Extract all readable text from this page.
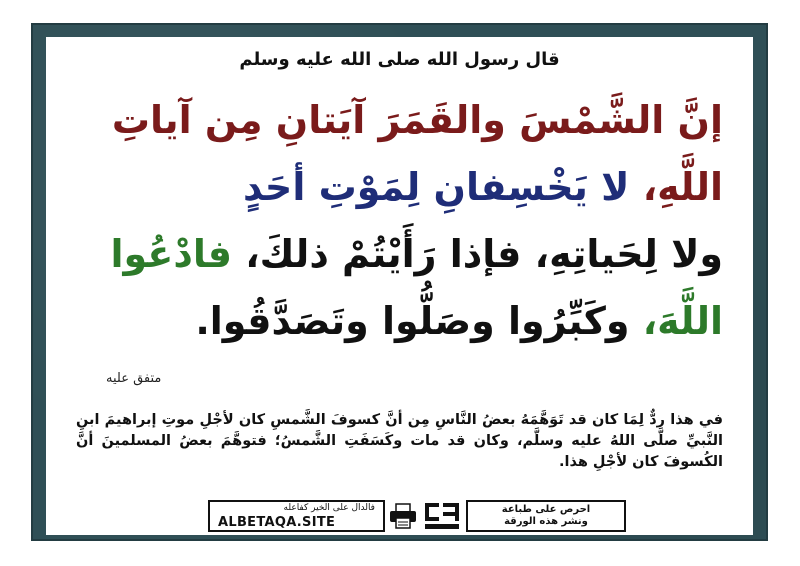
قال رسول الله صلى الله عليه وسلم
إنَّ الشَّمْسَ والقَمَرَ آيَتانِ مِن آياتِ
اللَّهِ، لا يَخْسِفانِ لِمَوْتِ أحَدٍ
ولا لِحَياتِهِ، فإذا رَأَيْتُمْ ذلكَ، فادْعُوا
اللَّهَ، وكَبِّرُوا وصَلُّوا وتَصَدَّقُوا.
متفق عليه
في هذا ردٌّ لِمَا كان قد تَوَهَّمَهُ بعضُ النَّاسِ مِن أنَّ كسوفَ الشَّمسِ كان لأجْلِ موتِ إبراهيمَ ابنِ النَّبيِّ صلَّى اللهُ عليه وسلَّم، وكان قد مات وكَسَفَتِ الشَّمسُ؛ فتوهَّمَ بعضُ المسلمينَ أنَّ الكُسوفَ كان لأجْلِ هذا.
فالدال على الخير كفاعله
ALBETAQA.SITE
احرص على طباعة
ونشر هذه الورقة
